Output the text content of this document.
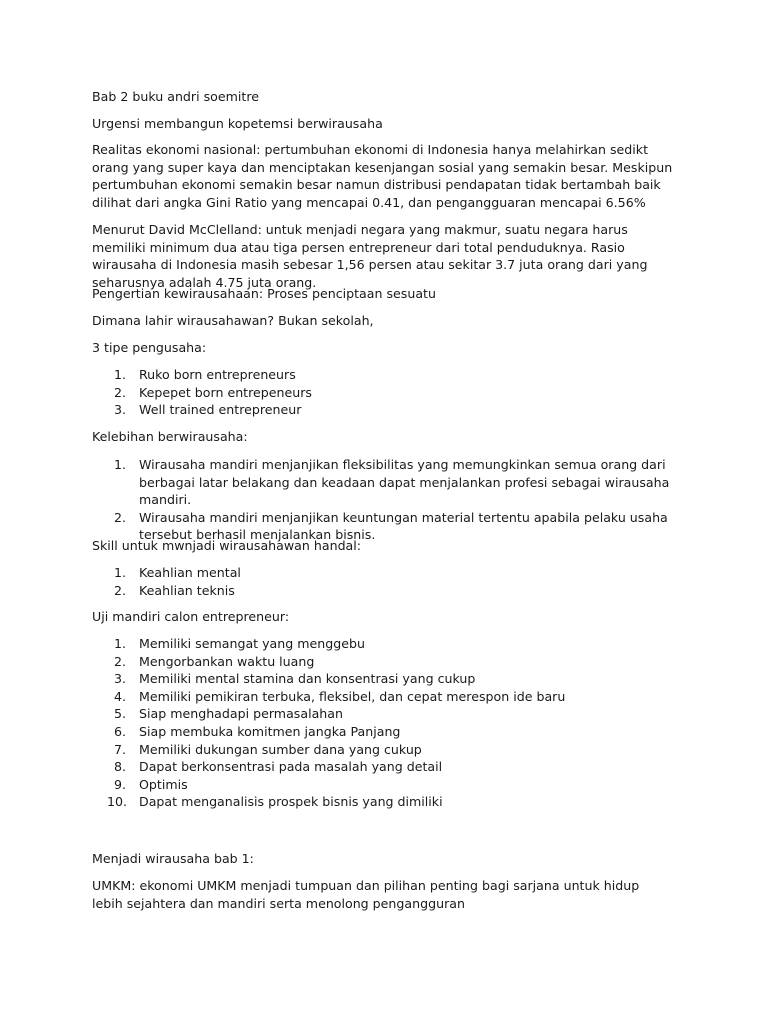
Bab 2 buku andri soemitre

Urgensi membangun kopetemsi berwirausaha

Realitas ekonomi nasional: pertumbuhan ekonomi di Indonesia hanya melahirkan sedikt orang yang super kaya dan menciptakan kesenjangan sosial yang semakin besar. Meskipun pertumbuhan ekonomi semakin besar namun distribusi pendapatan tidak bertambah baik dilihat dari angka Gini Ratio yang mencapai 0.41, dan pengangguaran mencapai 6.56%

Menurut David McClelland: untuk menjadi negara yang makmur, suatu negara harus memiliki minimum dua atau tiga persen entrepreneur dari total penduduknya. Rasio wirausaha di Indonesia masih sebesar 1,56 persen atau sekitar 3.7 juta orang dari yang seharusnya adalah 4.75 juta orang.

Pengertian kewirausahaan: Proses penciptaan sesuatu

Dimana lahir wirausahawan? Bukan sekolah,

3 tipe pengusaha:

1. Ruko born entrepreneurs
2. Kepepet born entrepeneurs
3. Well trained entrepreneur

Kelebihan berwirausaha:

1. Wirausaha mandiri menjanjikan fleksibilitas yang memungkinkan semua orang dari berbagai latar belakang dan keadaan dapat menjalankan profesi sebagai wirausaha mandiri.
2. Wirausaha mandiri menjanjikan keuntungan material tertentu apabila pelaku usaha tersebut berhasil menjalankan bisnis.

Skill untuk mwnjadi wirausahawan handal:

1. Keahlian mental
2. Keahlian teknis

Uji mandiri calon entrepreneur:

1. Memiliki semangat yang menggebu
2. Mengorbankan waktu luang
3. Memiliki mental stamina dan konsentrasi yang cukup
4. Memiliki pemikiran terbuka, fleksibel, dan cepat merespon ide baru
5. Siap menghadapi permasalahan
6. Siap membuka komitmen jangka Panjang
7. Memiliki dukungan sumber dana yang cukup
8. Dapat berkonsentrasi pada masalah yang detail
9. Optimis
10. Dapat menganalisis prospek bisnis yang dimiliki

Menjadi wirausaha bab 1:

UMKM: ekonomi UMKM menjadi tumpuan dan pilihan penting bagi sarjana untuk hidup lebih sejahtera dan mandiri serta menolong pengangguran
